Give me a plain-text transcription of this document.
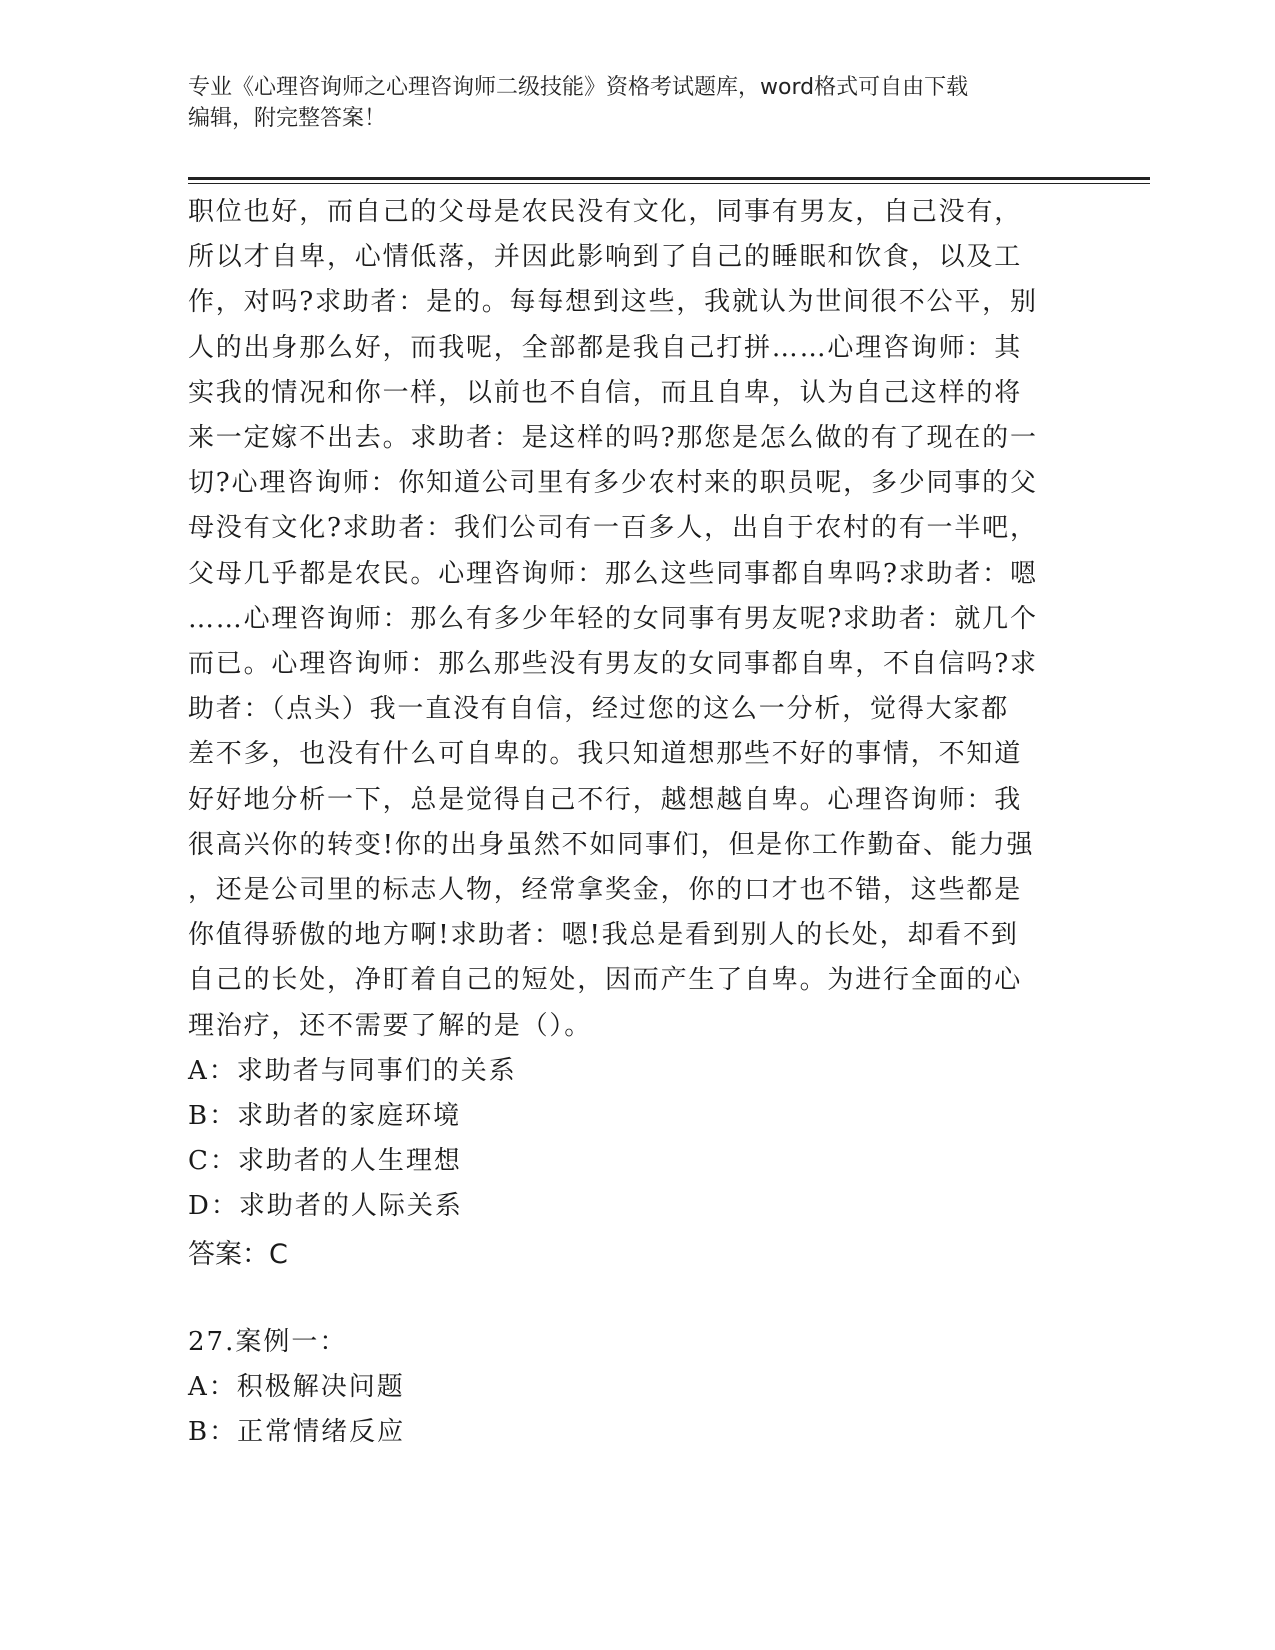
专业《心理咨询师之心理咨询师二级技能》资格考试题库，word格式可自由下载
编辑，附完整答案！
职位也好，而自己的父母是农民没有文化，同事有男友，自己没有，
所以才自卑，心情低落，并因此影响到了自己的睡眠和饮食，以及工
作，对吗?求助者：是的。每每想到这些，我就认为世间很不公平，别
人的出身那么好，而我呢，全部都是我自己打拼……心理咨询师：其
实我的情况和你一样，以前也不自信，而且自卑，认为自己这样的将
来一定嫁不出去。求助者：是这样的吗?那您是怎么做的有了现在的一
切?心理咨询师：你知道公司里有多少农村来的职员呢，多少同事的父
母没有文化?求助者：我们公司有一百多人，出自于农村的有一半吧，
父母几乎都是农民。心理咨询师：那么这些同事都自卑吗?求助者：嗯
……心理咨询师：那么有多少年轻的女同事有男友呢?求助者：就几个
而已。心理咨询师：那么那些没有男友的女同事都自卑，不自信吗?求
助者：（点头）我一直没有自信，经过您的这么一分析，觉得大家都
差不多，也没有什么可自卑的。我只知道想那些不好的事情，不知道
好好地分析一下，总是觉得自己不行，越想越自卑。心理咨询师：我
很高兴你的转变!你的出身虽然不如同事们，但是你工作勤奋、能力强
，还是公司里的标志人物，经常拿奖金，你的口才也不错，这些都是
你值得骄傲的地方啊!求助者：嗯!我总是看到别人的长处，却看不到
自己的长处，净盯着自己的短处，因而产生了自卑。为进行全面的心
理治疗，还不需要了解的是（）。
A：求助者与同事们的关系
B：求助者的家庭环境
C：求助者的人生理想
D：求助者的人际关系
答案：C
27.案例一：
A：积极解决问题
B：正常情绪反应
